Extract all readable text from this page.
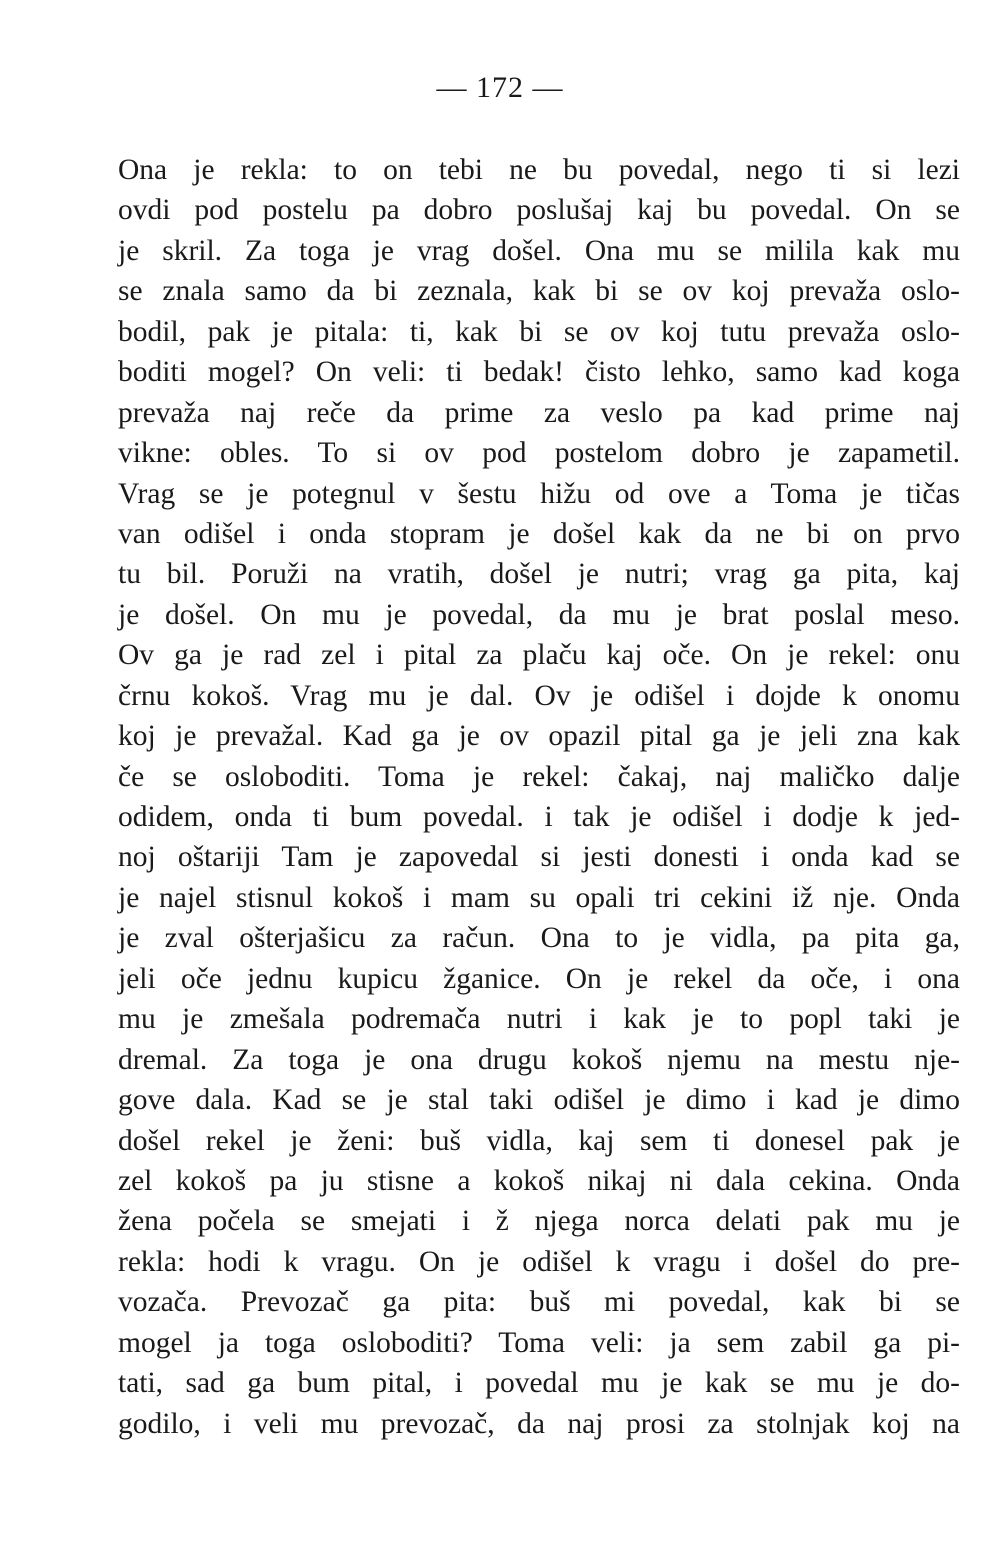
— 172 —
Ona je rekla: to on tebi ne bu povedal, nego ti si lezi
ovdi pod postelu pa dobro poslušaj kaj bu povedal. On se
je skril. Za toga je vrag došel. Ona mu se milila kak mu
se znala samo da bi zeznala, kak bi se ov koj prevaža oslo-
bodil, pak je pitala: ti, kak bi se ov koj tutu prevaža oslo-
boditi mogel? On veli: ti bedak! čisto lehko, samo kad koga
prevaža naj reče da prime za veslo pa kad prime naj
vikne: obles. To si ov pod postelom dobro je zapametil.
Vrag se je potegnul v šestu hižu od ove a Toma je tičas
van odišel i onda stopram je došel kak da ne bi on prvo
tu bil. Poruži na vratih, došel je nutri; vrag ga pita, kaj
je došel. On mu je povedal, da mu je brat poslal meso.
Ov ga je rad zel i pital za plaču kaj oče. On je rekel: onu
črnu kokoš. Vrag mu je dal. Ov je odišel i dojde k onomu
koj je prevažal. Kad ga je ov opazil pital ga je jeli zna kak
če se osloboditi. Toma je rekel: čakaj, naj maličko dalje
odidem, onda ti bum povedal. i tak je odišel i dodje k jed-
noj oštariji Tam je zapovedal si jesti donesti i onda kad se
je najel stisnul kokoš i mam su opali tri cekini iž nje. Onda
je zval ošterjašicu za račun. Ona to je vidla, pa pita ga,
jeli oče jednu kupicu žganice. On je rekel da oče, i ona
mu je zmešala podremača nutri i kak je to popl taki je
dremal. Za toga je ona drugu kokoš njemu na mestu nje-
gove dala. Kad se je stal taki odišel je dimo i kad je dimo
došel rekel je ženi: buš vidla, kaj sem ti donesel pak je
zel kokoš pa ju stisne a kokoš nikaj ni dala cekina. Onda
žena počela se smejati i ž njega norca delati pak mu je
rekla: hodi k vragu. On je odišel k vragu i došel do pre-
vozača. Prevozač ga pita: buš mi povedal, kak bi se
mogel ja toga osloboditi? Toma veli: ja sem zabil ga pi-
tati, sad ga bum pital, i povedal mu je kak se mu je do-
godilo, i veli mu prevozač, da naj prosi za stolnjak koj na
